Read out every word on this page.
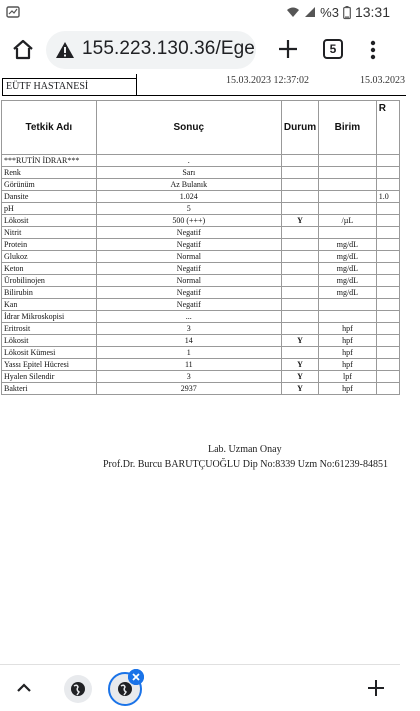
%3 13:31
155.223.130.36/Ege	5
EÜTF HASTANESİ
15.03.2023 12:37:02	15.03.2023
Tetkik Adı	Sonuç	Durum	Birim	R
***RUTİN İDRAR***	.			
Renk	Sarı			
Görünüm	Az Bulanık			
Dansite	1.024			1.0
pH	5			
Lökosit	500 (+++)	Y	/µL	
Nitrit	Negatif			
Protein	Negatif		mg/dL	
Glukoz	Normal		mg/dL	
Keton	Negatif		mg/dL	
Ürobilinojen	Normal		mg/dL	
Bilirubin	Negatif		mg/dL	
Kan	Negatif			
İdrar Mikroskopisi	...			
Eritrosit	3		hpf	
Lökosit	14	Y	hpf	
Lökosit Kümesi	1		hpf	
Yassı Epitel Hücresi	11	Y	hpf	
Hyalen Silendir	3	Y	lpf	
Bakteri	2937	Y	hpf	
Lab. Uzman Onay
Prof.Dr. Burcu BARUTÇUOĞLU Dip No:8339 Uzm No:61239-84851
